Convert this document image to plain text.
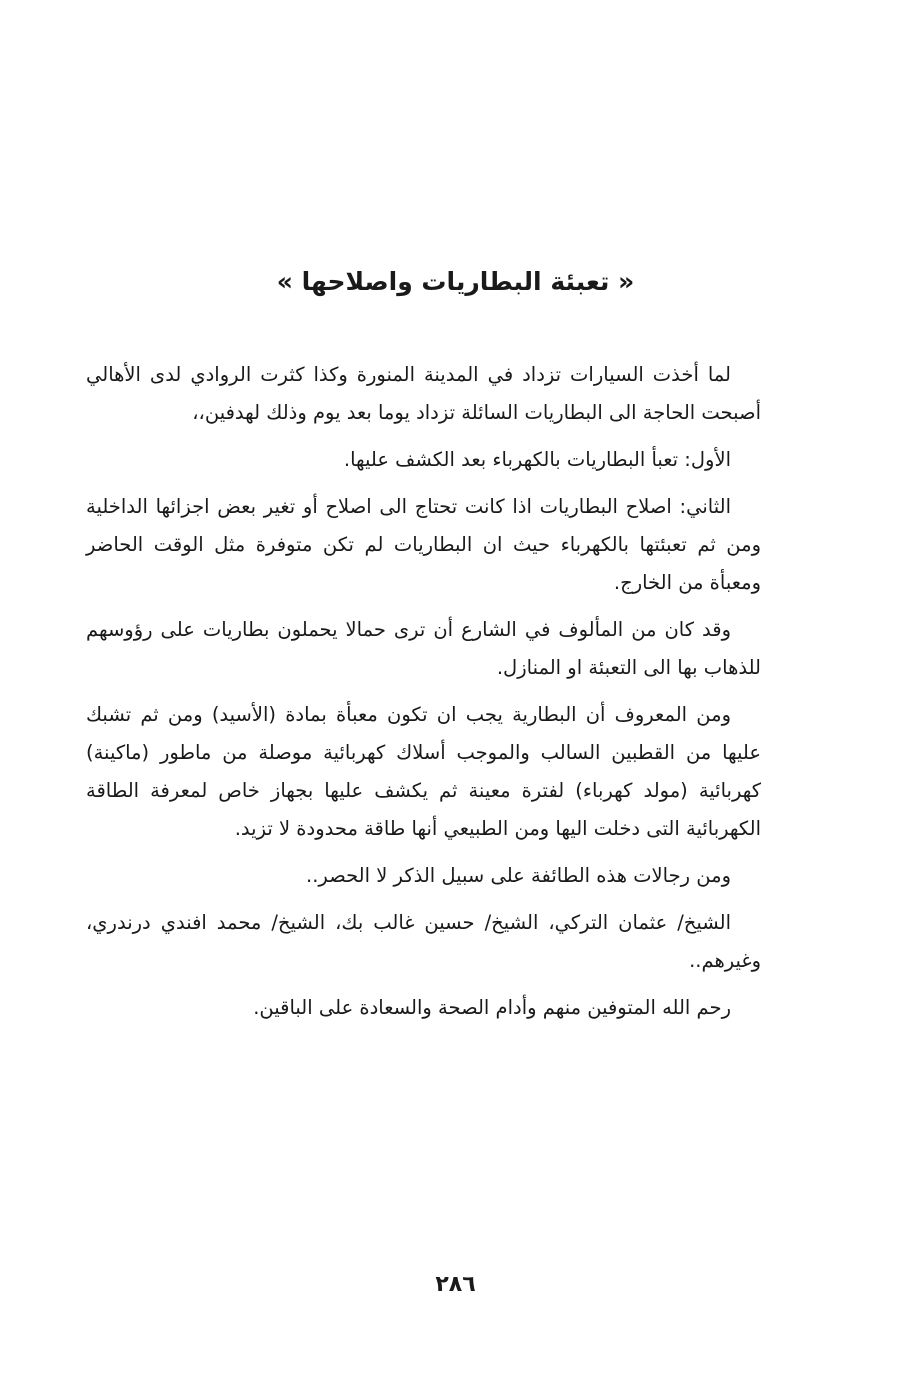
« تعبئة البطاريات واصلاحها »

لما أخذت السيارات تزداد في المدينة المنورة وكذا كثرت الروادي لدى الأهالي أصبحت الحاجة الى البطاريات السائلة تزداد يوما بعد يوم وذلك لهدفين،،

الأول: تعبأ البطاريات بالكهرباء بعد الكشف عليها.

الثاني: اصلاح البطاريات اذا كانت تحتاج الى اصلاح أو تغير بعض اجزائها الداخلية ومن ثم تعبئتها بالكهرباء حيث ان البطاريات لم تكن متوفرة مثل الوقت الحاضر ومعبأة من الخارج.

وقد كان من المألوف في الشارع أن ترى حمالا يحملون بطاريات على رؤوسهم للذهاب بها الى التعبئة او المنازل.

ومن المعروف أن البطارية يجب ان تكون معبأة بمادة (الأسيد) ومن ثم تشبك عليها من القطبين السالب والموجب أسلاك كهربائية موصلة من ماطور (ماكينة) كهربائية (مولد كهرباء) لفترة معينة ثم يكشف عليها بجهاز خاص لمعرفة الطاقة الكهربائية التى دخلت اليها ومن الطبيعي أنها طاقة محدودة لا تزيد.

ومن رجالات هذه الطائفة على سبيل الذكر لا الحصر..

الشيخ/ عثمان التركي، الشيخ/ حسين غالب بك، الشيخ/ محمد افندي درندري، وغيرهم..

رحم الله المتوفين منهم وأدام الصحة والسعادة على الباقين.

٢٨٦
